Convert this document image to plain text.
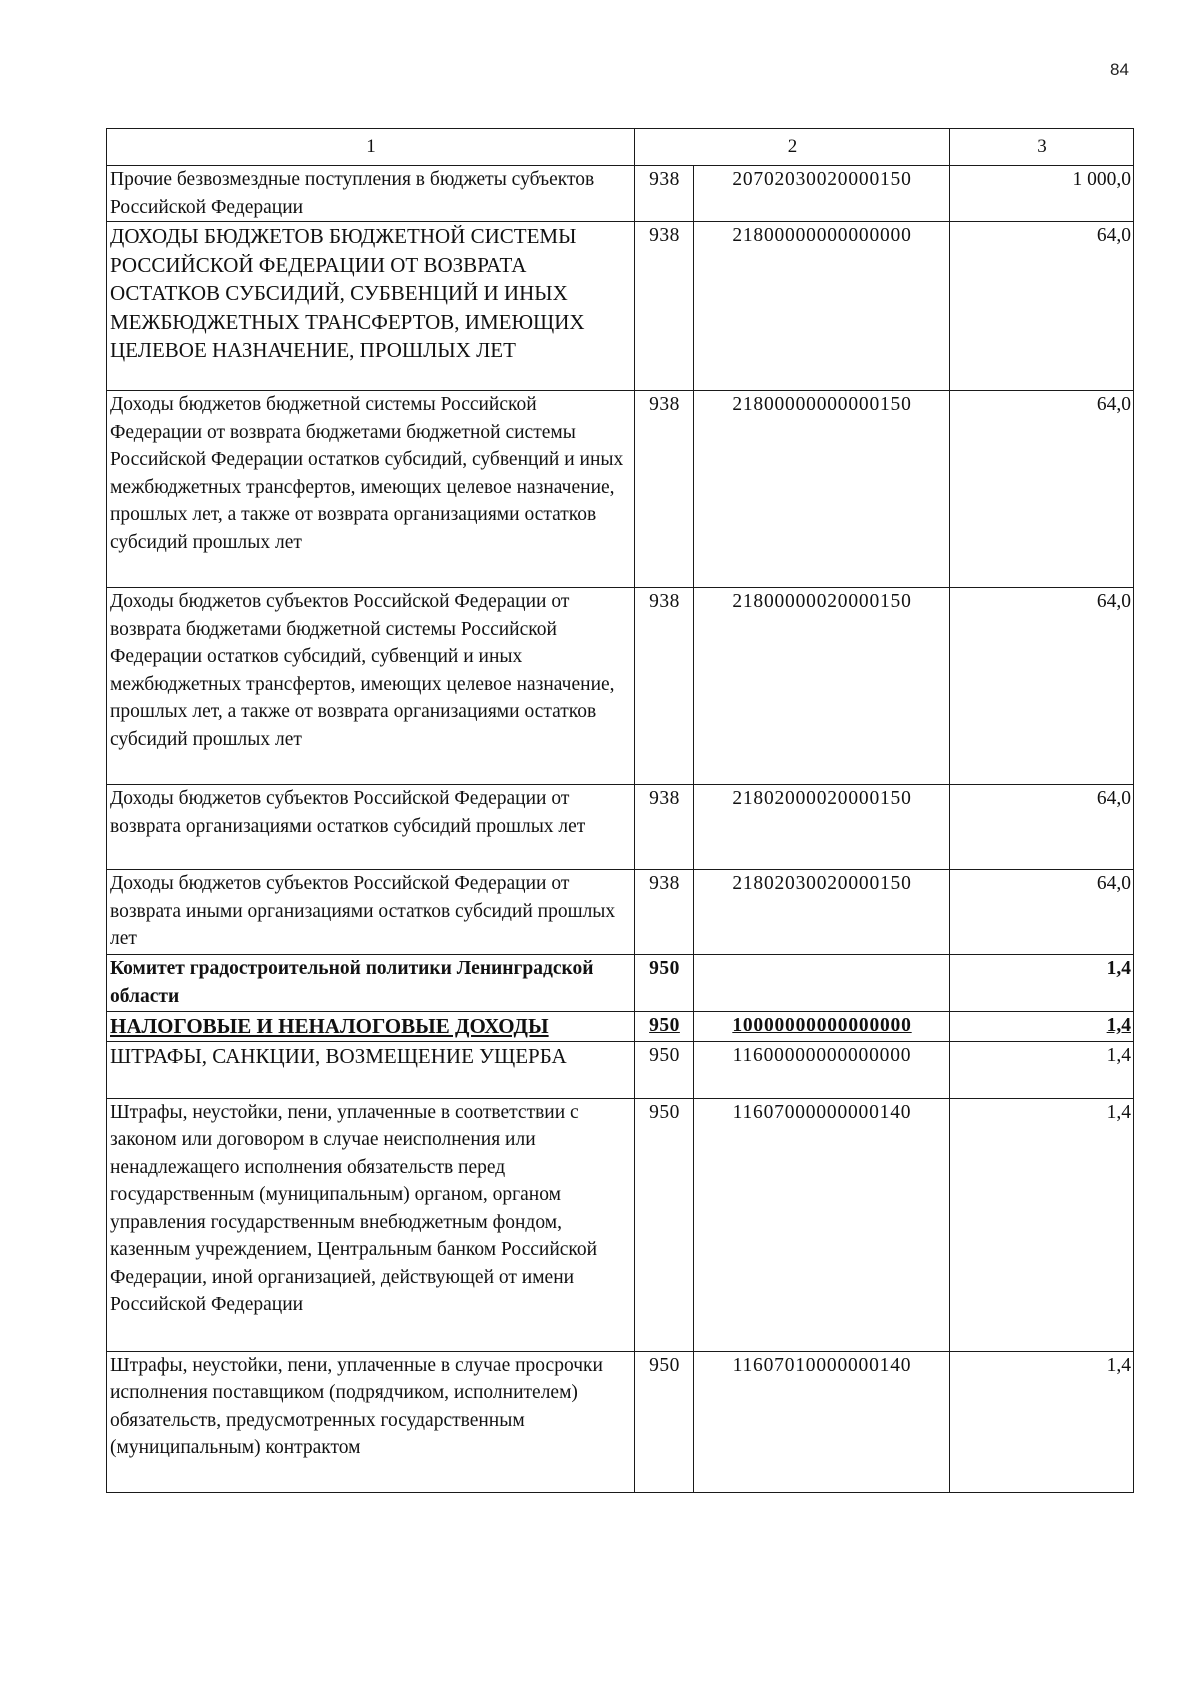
84
1	2		3
Прочие безвозмездные поступления в бюджеты субъектов Российской Федерации	938	20702030020000150	1 000,0
ДОХОДЫ БЮДЖЕТОВ БЮДЖЕТНОЙ СИСТЕМЫ РОССИЙСКОЙ ФЕДЕРАЦИИ ОТ ВОЗВРАТА ОСТАТКОВ СУБСИДИЙ, СУБВЕНЦИЙ И ИНЫХ МЕЖБЮДЖЕТНЫХ ТРАНСФЕРТОВ, ИМЕЮЩИХ ЦЕЛЕВОЕ НАЗНАЧЕНИЕ, ПРОШЛЫХ ЛЕТ	938	21800000000000000	64,0
Доходы бюджетов бюджетной системы Российской Федерации от возврата бюджетами бюджетной системы Российской Федерации остатков субсидий, субвенций и иных межбюджетных трансфертов, имеющих целевое назначение, прошлых лет, а также от возврата организациями остатков субсидий прошлых лет	938	21800000000000150	64,0
Доходы бюджетов субъектов Российской Федерации от возврата бюджетами бюджетной системы Российской Федерации остатков субсидий, субвенций и иных межбюджетных трансфертов, имеющих целевое назначение, прошлых лет, а также от возврата организациями остатков субсидий прошлых лет	938	21800000020000150	64,0
Доходы бюджетов субъектов Российской Федерации от возврата организациями остатков субсидий прошлых лет	938	21802000020000150	64,0
Доходы бюджетов субъектов Российской Федерации от возврата иными организациями остатков субсидий прошлых лет	938	21802030020000150	64,0
Комитет градостроительной политики Ленинградской области	950		1,4
НАЛОГОВЫЕ И НЕНАЛОГОВЫЕ ДОХОДЫ	950	10000000000000000	1,4
ШТРАФЫ, САНКЦИИ, ВОЗМЕЩЕНИЕ УЩЕРБА	950	11600000000000000	1,4
Штрафы, неустойки, пени, уплаченные в соответствии с законом или договором в случае неисполнения или ненадлежащего исполнения обязательств перед государственным (муниципальным) органом, органом управления государственным внебюджетным фондом, казенным учреждением, Центральным банком Российской Федерации, иной организацией, действующей от имени Российской Федерации	950	11607000000000140	1,4
Штрафы, неустойки, пени, уплаченные в случае просрочки исполнения поставщиком (подрядчиком, исполнителем) обязательств, предусмотренных государственным (муниципальным) контрактом	950	11607010000000140	1,4
